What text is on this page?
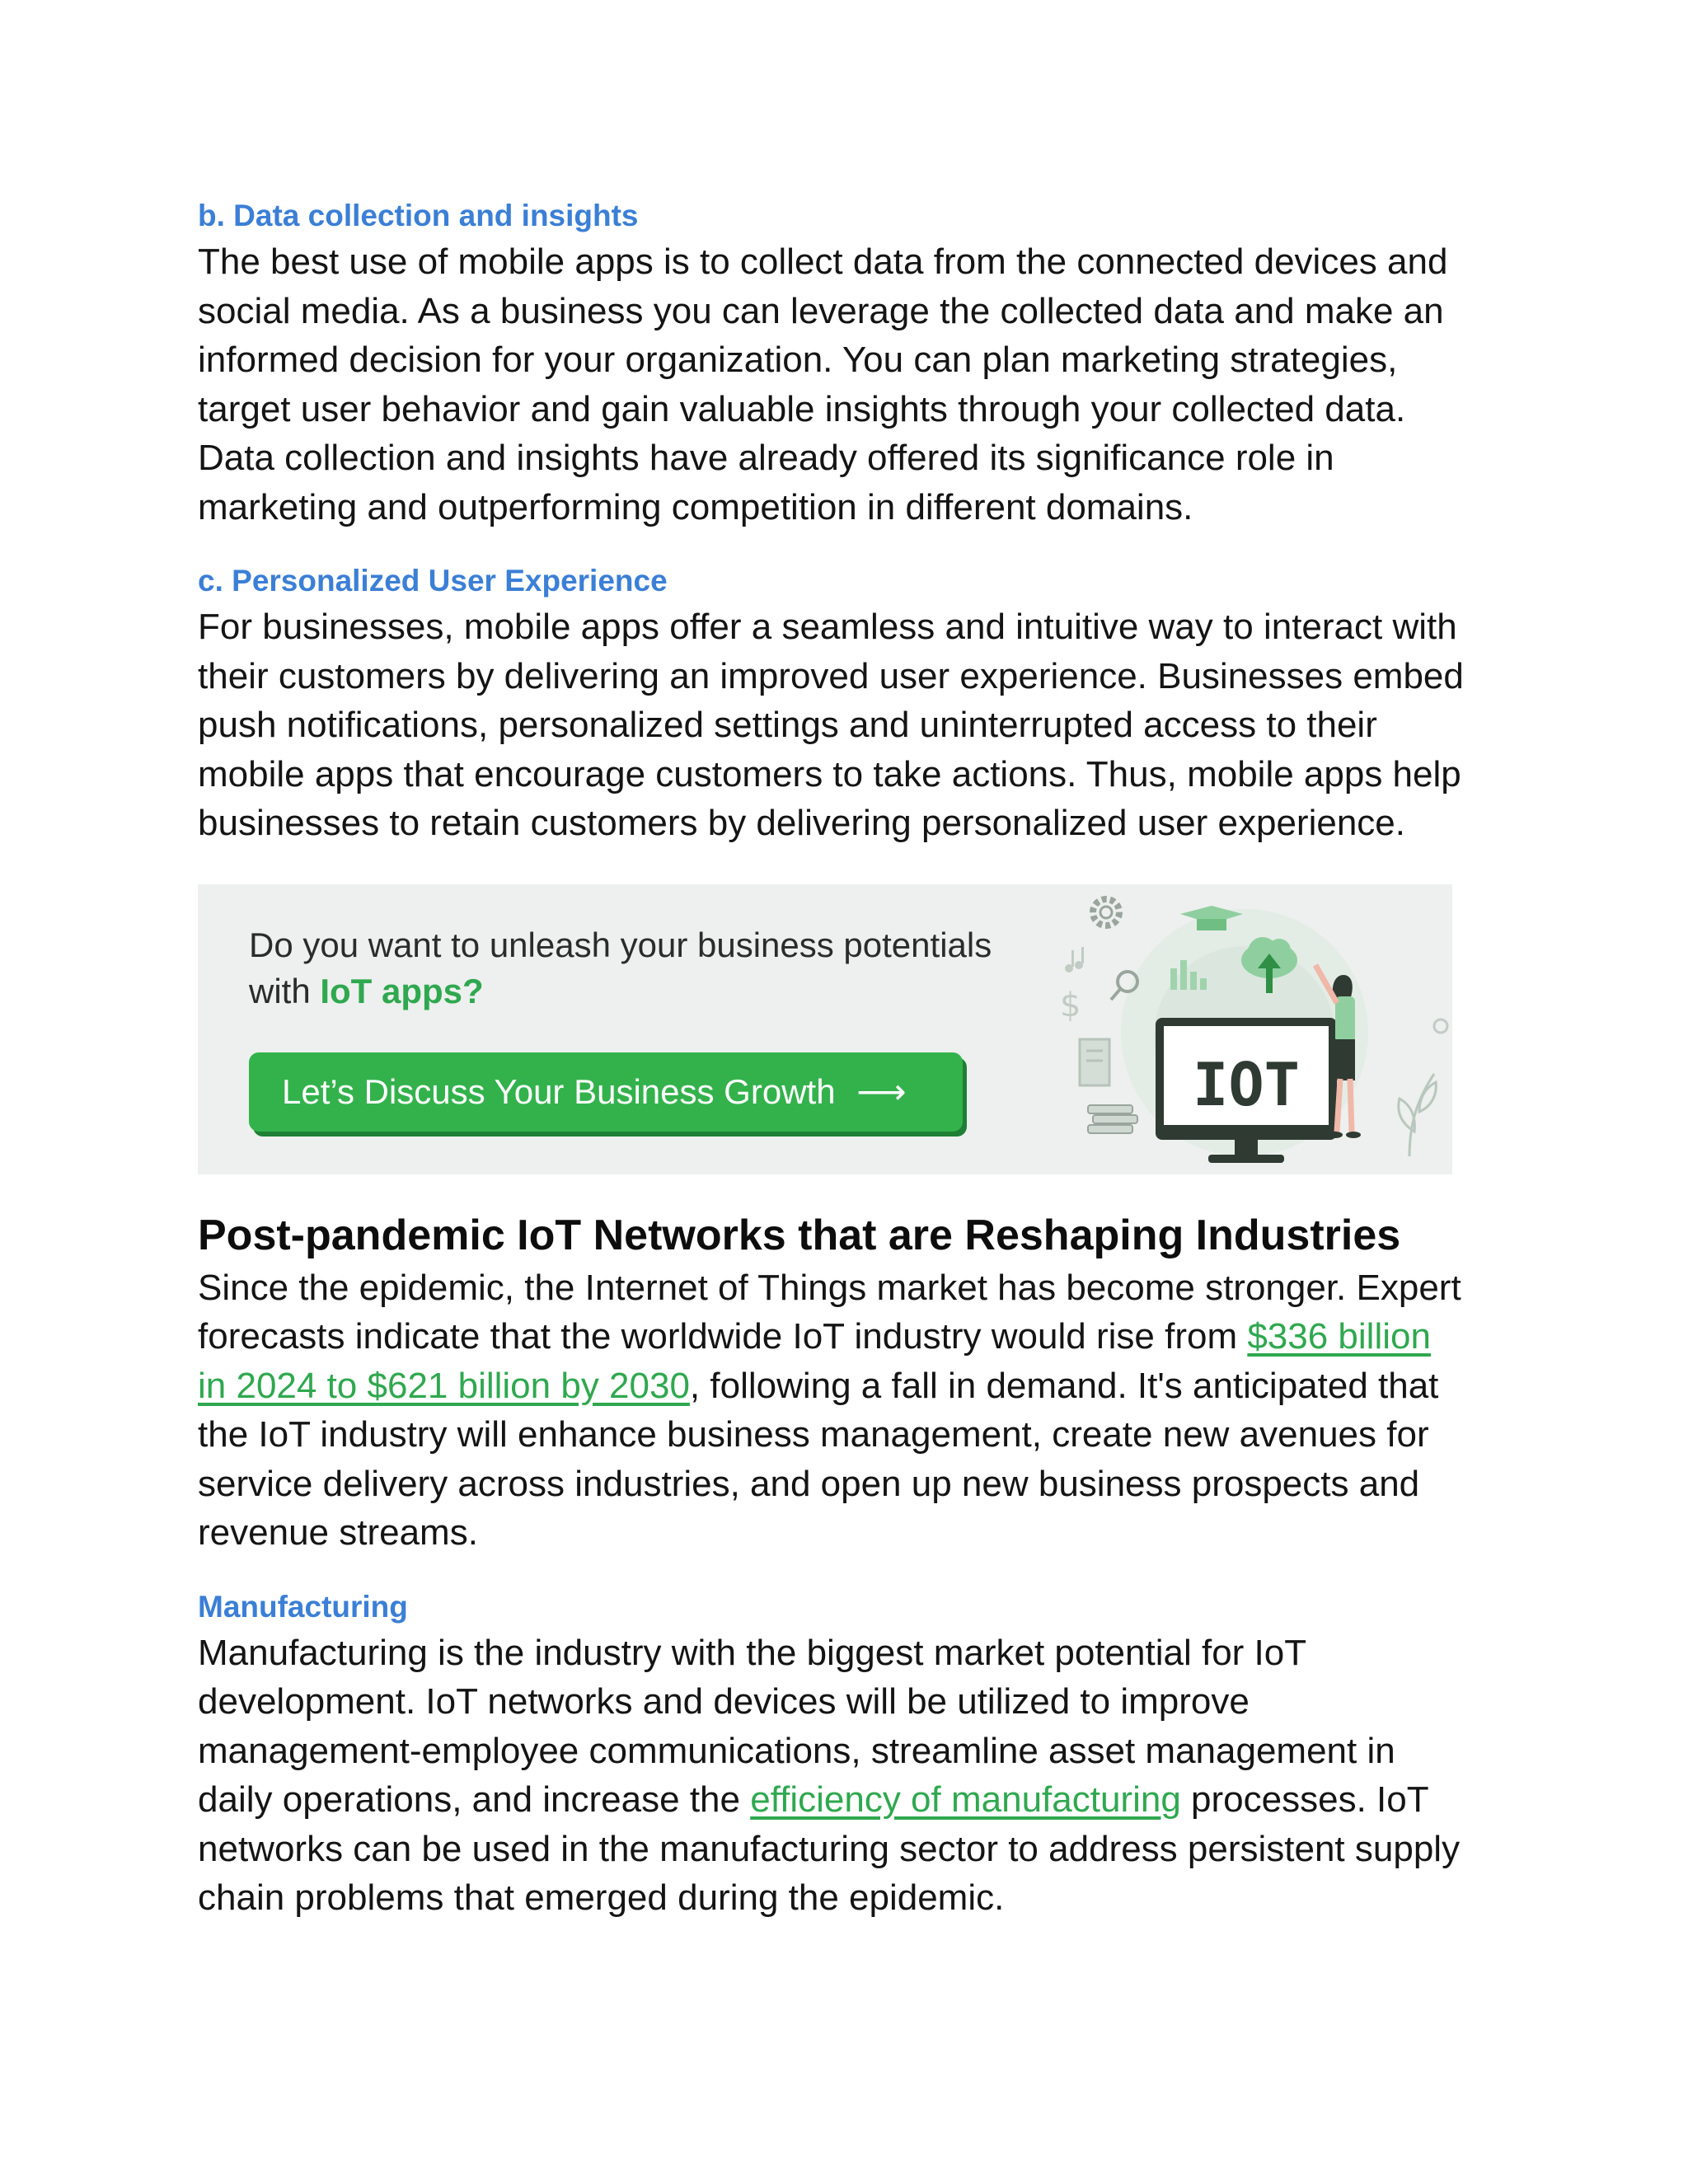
b. Data collection and insights

The best use of mobile apps is to collect data from the connected devices and

social media. As a business you can leverage the collected data and make an

informed decision for your organization. You can plan marketing strategies,

target user behavior and gain valuable insights through your collected data.

Data collection and insights have already offered its significance role in

marketing and outperforming competition in different domains.

c. Personalized User Experience

For businesses, mobile apps offer a seamless and intuitive way to interact with

their customers by delivering an improved user experience. Businesses embed

push notifications, personalized settings and uninterrupted access to their

mobile apps that encourage customers to take actions. Thus, mobile apps help

businesses to retain customers by delivering personalized user experience.

Do you want to unleash your business potentials
with IoT apps?
Let’s Discuss Your Business Growth ⟶
$
IOT
Post-pandemic IoT Networks that are Reshaping Industries

Since the epidemic, the Internet of Things market has become stronger. Expert

forecasts indicate that the worldwide IoT industry would rise from $336 billion

in 2024 to $621 billion by 2030, following a fall in demand. It's anticipated that

the IoT industry will enhance business management, create new avenues for

service delivery across industries, and open up new business prospects and

revenue streams.

Manufacturing

Manufacturing is the industry with the biggest market potential for IoT

development. IoT networks and devices will be utilized to improve

management-employee communications, streamline asset management in

daily operations, and increase the efficiency of manufacturing processes. IoT

networks can be used in the manufacturing sector to address persistent supply

chain problems that emerged during the epidemic.
